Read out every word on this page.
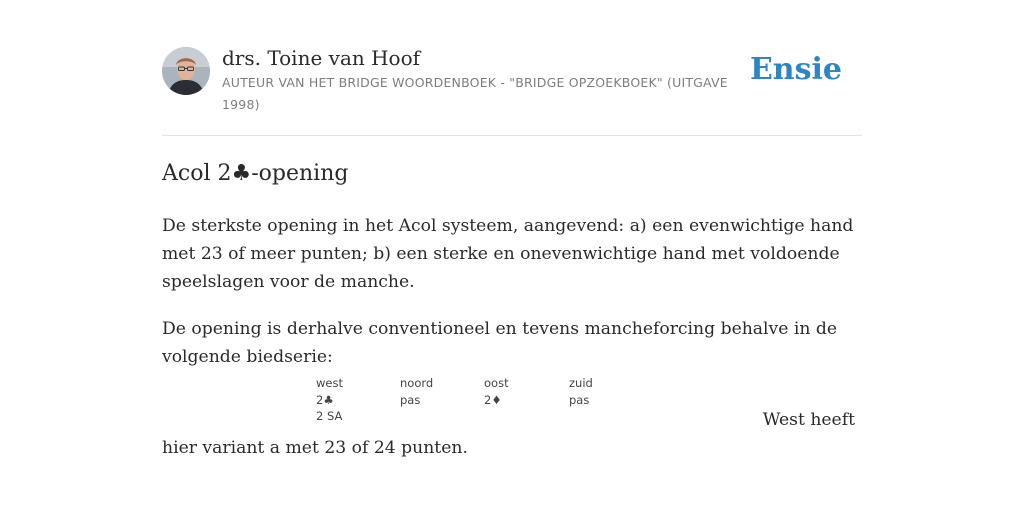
drs. Toine van Hoof
AUTEUR VAN HET BRIDGE WOORDENBOEK - "BRIDGE OPZOEKBOEK" (UITGAVE 1998)
Ensie
Acol 2♣-opening

De sterkste opening in het Acol systeem, aangevend: a) een evenwichtige hand met 23 of meer punten; b) een sterke en onevenwichtige hand met voldoende speelslagen voor de manche.

De opening is derhalve conventioneel en tevens mancheforcing behalve in de volgende biedserie:

west	noord	oost	zuid
2♣	pas	2♦	pas
2 SA	West heeft
hier variant a met 23 of 24 punten.
